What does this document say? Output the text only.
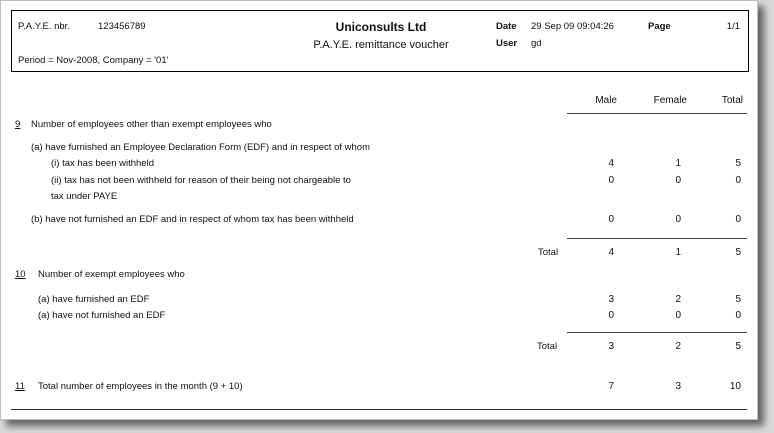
P.A.Y.E. nbr.	123456789	Uniconsults Ltd
P.A.Y.E. remittance voucher
Period = Nov-2008, Company = '01'
Date 29 Sep 09 09:04:26
User gd
Page	1/1
Male	Female	Total
9 Number of employees other than exempt employees who
(a) have furnished an Employee Declaration Form (EDF) and in respect of whom
(i) tax has been withheld	4	1	5
(ii) tax has not been withheld for reason of their being not chargeable to
tax under PAYE
0	0	0
(b) have not furnished an EDF and in respect of whom tax has been withheld	0	0	0
Total	4	1	5
10 Number of exempt employees who
(a) have furnished an EDF	3	2	5
(a) have not furnished an EDF	0	0	0
Total	3	2	5
11 Total number of employees in the month (9 + 10)	7	3	10
